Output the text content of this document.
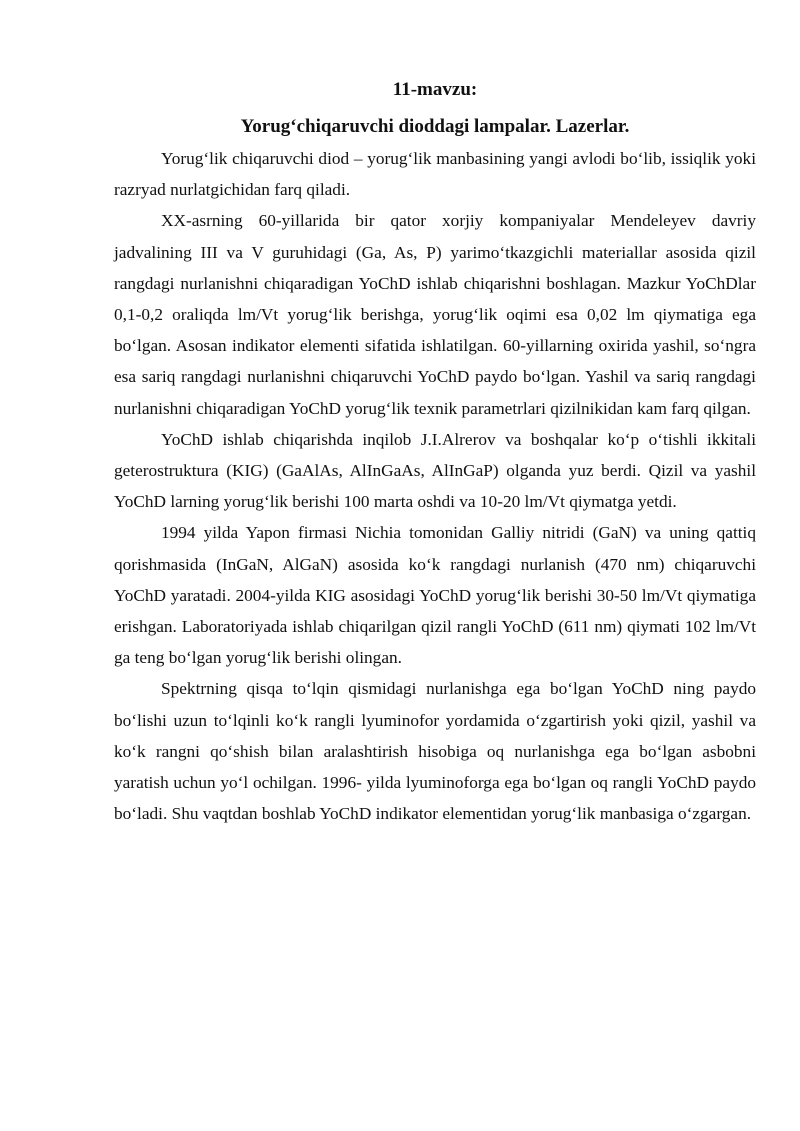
11-mavzu:

Yorug‘chiqaruvchi dioddagi lampalar. Lazerlar.

Yorug‘lik chiqaruvchi diod – yorug‘lik manbasining yangi avlodi bo‘lib, issiqlik yoki razryad nurlatgichidan farq qiladi.

XX-asrning 60-yillarida bir qator xorjiy kompaniyalar Mendeleyev davriy jadvalining III va V guruhidagi (Ga, As, P) yarimo‘tkazgichli materiallar asosida qizil rangdagi nurlanishni chiqaradigan YoChD ishlab chiqarishni boshlagan. Mazkur YoChDlar 0,1-0,2 oraliqda lm/Vt yorug‘lik berishga, yorug‘lik oqimi esa 0,02 lm qiymatiga ega bo‘lgan. Asosan indikator elementi sifatida ishlatilgan. 60-yillarning oxirida yashil, so‘ngra esa sariq rangdagi nurlanishni chiqaruvchi YoChD paydo bo‘lgan. Yashil va sariq rangdagi nurlanishni chiqaradigan YoChD yorug‘lik texnik parametrlari qizilnikidan kam farq qilgan.

YoChD ishlab chiqarishda inqilob J.I.Alrerov va boshqalar ko‘p o‘tishli ikkitali geterostruktura (KIG) (GaAlAs, AlInGaAs, AlInGaP) olganda yuz berdi. Qizil va yashil YoChD larning yorug‘lik berishi 100 marta oshdi va 10-20 lm/Vt qiymatga yetdi.

1994 yilda Yapon firmasi Nichia tomonidan Galliy nitridi (GaN) va uning qattiq qorishmasida (InGaN, AlGaN) asosida ko‘k rangdagi nurlanish (470 nm) chiqaruvchi YoChD yaratadi. 2004-yilda KIG asosidagi YoChD yorug‘lik berishi 30-50 lm/Vt qiymatiga erishgan. Laboratoriyada ishlab chiqarilgan qizil rangli YoChD (611 nm) qiymati 102 lm/Vt ga teng bo‘lgan yorug‘lik berishi olingan.

Spektrning qisqa to‘lqin qismidagi nurlanishga ega bo‘lgan YoChD ning paydo bo‘lishi uzun to‘lqinli ko‘k rangli lyuminofor yordamida o‘zgartirish yoki qizil, yashil va ko‘k rangni qo‘shish bilan aralashtirish hisobiga oq nurlanishga ega bo‘lgan asbobni yaratish uchun yo‘l ochilgan. 1996- yilda lyuminoforga ega bo‘lgan oq rangli YoChD paydo bo‘ladi. Shu vaqtdan boshlab YoChD indikator elementidan yorug‘lik manbasiga o‘zgargan.
